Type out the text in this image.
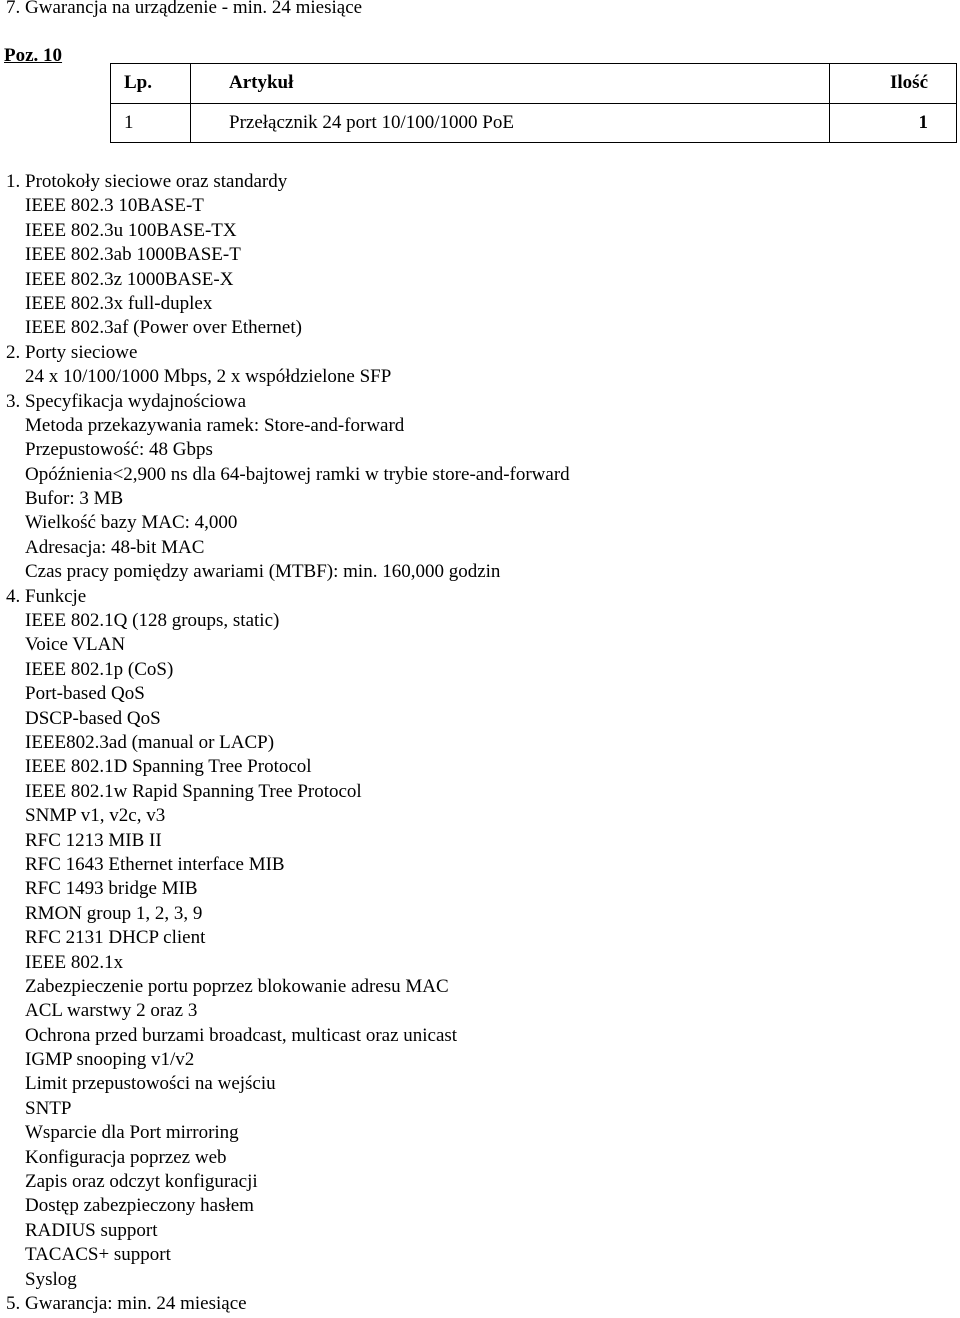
7. Gwarancja na urządzenie - min. 24 miesiące
Poz. 10
Lp.	Artykuł	Ilość
1	Przełącznik 24 port 10/100/1000 PoE	1
1. Protokoły sieciowe oraz standardy
IEEE 802.3 10BASE-T
IEEE 802.3u 100BASE-TX
IEEE 802.3ab 1000BASE-T
IEEE 802.3z 1000BASE-X
IEEE 802.3x full-duplex
IEEE 802.3af (Power over Ethernet)
2. Porty sieciowe
24 x 10/100/1000 Mbps, 2 x współdzielone SFP
3. Specyfikacja wydajnościowa
Metoda przekazywania ramek: Store-and-forward
Przepustowość: 48 Gbps
Opóźnienia<2,900 ns dla 64-bajtowej ramki w trybie store-and-forward
Bufor: 3 MB
Wielkość bazy MAC: 4,000
Adresacja: 48-bit MAC
Czas pracy pomiędzy awariami (MTBF): min. 160,000 godzin
4. Funkcje
IEEE 802.1Q (128 groups, static)
Voice VLAN
IEEE 802.1p (CoS)
Port-based QoS
DSCP-based QoS
IEEE802.3ad (manual or LACP)
IEEE 802.1D Spanning Tree Protocol
IEEE 802.1w Rapid Spanning Tree Protocol
SNMP v1, v2c, v3
RFC 1213 MIB II
RFC 1643 Ethernet interface MIB
RFC 1493 bridge MIB
RMON group 1, 2, 3, 9
RFC 2131 DHCP client
IEEE 802.1x
Zabezpieczenie portu poprzez blokowanie adresu MAC
ACL warstwy 2 oraz 3
Ochrona przed burzami broadcast, multicast oraz unicast
IGMP snooping v1/v2
Limit przepustowości na wejściu
SNTP
Wsparcie dla Port mirroring
Konfiguracja poprzez web
Zapis oraz odczyt konfiguracji
Dostęp zabezpieczony hasłem
RADIUS support
TACACS+ support
Syslog
5. Gwarancja: min. 24 miesiące
